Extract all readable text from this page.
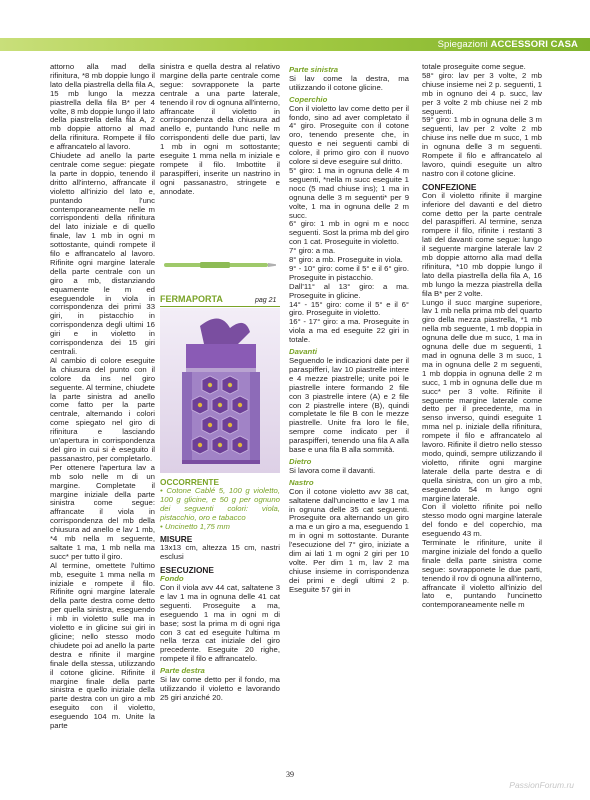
Spiegazioni ACCESSORI CASA

attorno alla mad della rifinitura, *8 mb doppie lungo il lato della piastrella della fila A, 15 mb lungo la mezza piastrella della fila B* per 4 volte, 8 mb doppie lungo il lato della piastrella della fila A, 2 mb doppie attorno al mad della rifinitura. Rompete il filo e affrancatelo al lavoro.

Chiudete ad anello la parte centrale come segue: piegate la parte in doppio, tenendo il dritto all'interno, affrancate il violetto all'inizio del lato e, puntando l'unc contemporaneamente nelle m corrispondenti della rifinitura del lato iniziale e di quello finale, lav 1 mb in ogni m sottostante, quindi rompete il filo e affrancatelo al lavoro. Rifinite ogni margine laterale della parte centrale con un giro a mb, distanziando equamente le m ed eseguendole in viola in corrispondenza dei primi 33 giri, in pistacchio in corrispondenza degli ultimi 16 giri e in violetto in corrispondenza dei 15 giri centrali.

Al cambio di colore eseguite la chiusura del punto con il colore da ins nel giro seguente. Al termine, chiudete la parte sinistra ad anello come fatto per la parte centrale, alternando i colori come spiegato nel giro di rifinitura e lasciando un'apertura in corrispondenza del giro in cui si è eseguito il passanastro, per completarlo.

Per ottenere l'apertura lav a mb solo nelle m di un margine. Completate il margine iniziale della parte sinistra come segue: affrancate il viola in corrispondenza del mb della chiusura ad anello e lav 1 mb, *4 mb nella m seguente, saltate 1 ma, 1 mb nella ma succ* per tutto il giro.

Al termine, omettete l'ultimo mb, eseguite 1 mma nella m iniziale e rompete il filo. Rifinite ogni margine laterale della parte destra come detto per quella sinistra, eseguendo i mb in violetto sulle ma in violetto e in glicine sui giri in glicine; nello stesso modo chiudete poi ad anello la parte destra e rifinite il margine finale della stessa, utilizzando il cotone glicine. Rifinite il margine finale della parte sinistra e quello iniziale della parte destra con un giro a mb eseguito con il violetto, eseguendo 104 m. Unite la parte

sinistra e quella destra al relativo margine della parte centrale come segue: sovrapponete la parte centrale a una parte laterale, tenendo il rov di ognuna all'interno, affrancate il violetto in corrispondenza della chiusura ad anello e, puntando l'unc nelle m corrispondenti delle due parti, lav 1 mb in ogni m sottostante; eseguite 1 mma nella m iniziale e rompete il filo. Imbottite il paraspifferi, inserite un nastrino in ogni passanastro, stringete e annodate.

FERMAPORTA	pag 21

OCCORRENTE

• Cotone Cablé 5, 100 g violetto, 100 g glicine, e 50 g per ognuno dei seguenti colori: viola, pistacchio, oro e tabacco

• Uncinetto 1,75 mm

MISURE

13x13 cm, altezza 15 cm, nastri esclusi

ESECUZIONE

Fondo

Con il viola avv 44 cat, saltatene 3 e lav 1 ma in ognuna delle 41 cat seguenti. Proseguite a ma, eseguendo 1 ma in ogni m di base; sost la prima m di ogni riga con 3 cat ed eseguite l'ultima m nella terza cat iniziale del giro precedente. Eseguite 20 righe, rompete il filo e affrancatelo.

Parte destra

Si lav come detto per il fondo, ma utilizzando il violetto e lavorando 25 giri anziché 20.

Parte sinistra

Si lav come la destra, ma utilizzando il cotone glicine.

Coperchio

Con il violetto lav come detto per il fondo, sino ad aver completato il 4° giro. Proseguite con il cotone oro, tenendo presente che, in questo e nei seguenti cambi di colore, il primo giro con il nuovo colore si deve eseguire sul dritto.

5° giro: 1 ma in ognuna delle 4 m seguenti, *nella m succ eseguite 1 nocc (5 mad chiuse ins); 1 ma in ognuna delle 3 m seguenti* per 9 volte, 1 ma in ognuna delle 2 m succ.

6° giro: 1 mb in ogni m e nocc seguenti. Sost la prima mb del giro con 1 cat. Proseguite in violetto.

7° giro: a ma.

8° giro: a mb. Proseguite in viola.

9° - 10° giro: come il 5° e il 6° giro. Proseguite in pistacchio.

Dall'11° al 13° giro: a ma. Proseguite in glicine.

14° - 15° giro: come il 5° e il 6° giro. Proseguite in violetto.

16° - 17° giro: a ma. Proseguite in viola a ma ed eseguite 22 giri in totale.

Davanti

Seguendo le indicazioni date per il paraspifferi, lav 10 piastrelle intere e 4 mezze piastrelle; unite poi le piastrelle intere formando 2 file con 3 piastrelle intere (A) e 2 file con 2 piastrelle intere (B), quindi completate le file B con le mezze piastrelle. Unite fra loro le file, sempre come indicato per il paraspifferi, tenendo una fila A alla base e una fila B alla sommità.

Dietro

Si lavora come il davanti.

Nastro

Con il cotone violetto avv 38 cat, saltatene dall'uncinetto e lav 1 ma in ognuna delle 35 cat seguenti. Proseguite ora alternando un giro a ma e un giro a ma, eseguendo 1 m in ogni m sottostante. Durante l'esecuzione del 7° giro, iniziate a dim ai lati 1 m ogni 2 giri per 10 volte. Per dim 1 m, lav 2 ma chiuse insieme in corrispondenza dei primi e degli ultimi 2 p. Eseguite 57 giri in

totale proseguite come segue.

58° giro: lav per 3 volte, 2 mb chiuse insieme nei 2 p. seguenti, 1 mb in ognuno dei 4 p. succ, lav per 3 volte 2 mb chiuse nei 2 mb seguenti.

59° giro: 1 mb in ognuna delle 3 m seguenti, lav per 2 volte 2 mb chiuse ins nelle due m succ, 1 mb in ognuna delle 3 m seguenti. Rompete il filo e affrancatelo al lavoro, quindi eseguite un altro nastro con il cotone glicine.

CONFEZIONE

Con il violetto rifinite il margine inferiore del davanti e del dietro come detto per la parte centrale del paraspifferi. Al termine, senza rompere il filo, rifinite i restanti 3 lati del davanti come segue: lungo il seguente margine laterale lav 2 mb doppie attorno alla mad della rifinitura, *10 mb doppie lungo il lato della piastrella della fila A, 16 mb lungo la mezza piastrella della fila B* per 2 volte.

Lungo il succ margine superiore, lav 1 mb nella prima mb del quarto giro della mezza piastrella, *1 mb nella mb seguente, 1 mb doppia in ognuna delle due m succ, 1 ma in ognuna delle due m seguenti, 1 mad in ognuna delle 3 m succ, 1 ma in ognuna delle 2 m seguenti, 1 mb doppia in ognuna delle 2 m succ, 1 mb in ognuna delle due m succ* per 3 volte. Rifinite il seguente margine laterale come detto per il precedente, ma in senso inverso, quindi eseguite 1 mma nel p. iniziale della rifinitura, rompete il filo e affrancatelo al lavoro. Rifinite il dietro nello stesso modo, quindi, sempre utilizzando il violetto, rifinite ogni margine laterale della parte destra e di quella sinistra, con un giro a mb, eseguendo 54 m lungo ogni margine laterale.

Con il violetto rifinite poi nello stesso modo ogni margine laterale del fondo e del coperchio, ma eseguendo 43 m.

Terminate le rifiniture, unite il margine iniziale del fondo a quello finale della parte sinistra come segue: sovrapponete le due parti, tenendo il rov di ognuna all'interno, affrancate il violetto all'inizio del lato e, puntando l'uncinetto contemporaneamente nelle m

39
PassionForum.ru
